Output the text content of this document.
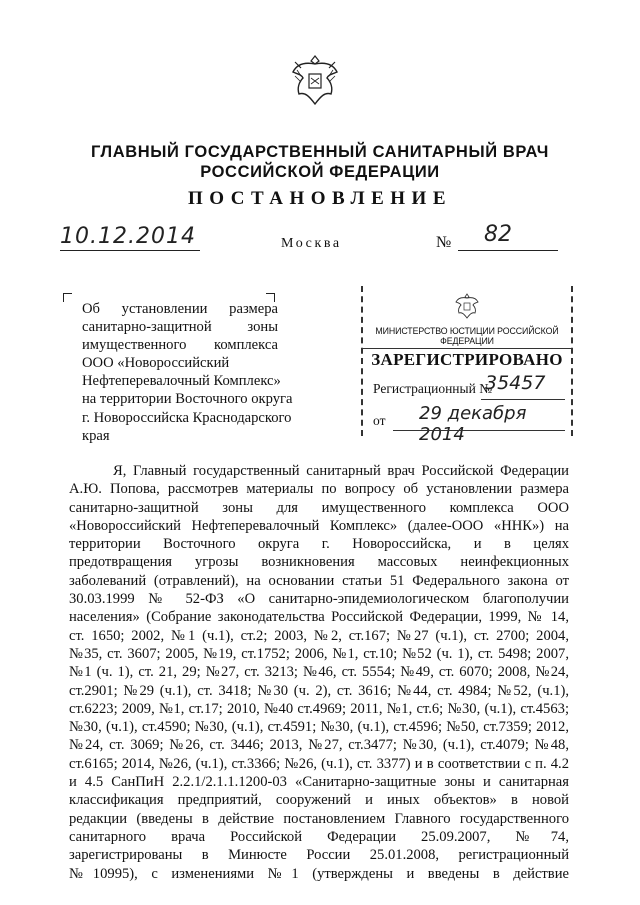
ГЛАВНЫЙ ГОСУДАРСТВЕННЫЙ САНИТАРНЫЙ ВРАЧ
РОССИЙСКОЙ ФЕДЕРАЦИИ
ПОСТАНОВЛЕНИЕ
10.12.2014	Москва	№ 82
Об установлении размера
санитарно-защитной зоны
имущественного комплекса
ООО «Новороссийский
Нефтеперевалочный Комплекс»
на территории Восточного округа
г. Новороссийска Краснодарского
края
МИНИСТЕРСТВО ЮСТИЦИИ РОССИЙСКОЙ ФЕДЕРАЦИИ
ЗАРЕГИСТРИРОВАНО
Регистрационный №
35457
от 29 декабря 2014
Я, Главный государственный санитарный врач Российской Федерации
А.Ю. Попова, рассмотрев материалы по вопросу об установлении размера
санитарно-защитной зоны для имущественного комплекса ООО
«Новороссийский Нефтеперевалочный Комплекс» (далее-ООО «ННК») на
территории Восточного округа г. Новороссийска, и в целях
предотвращения угрозы возникновения массовых неинфекционных
заболеваний (отравлений), на основании статьи 51 Федерального закона от
30.03.1999 № 52-ФЗ «О санитарно-эпидемиологическом благополучии
населения» (Собрание законодательства Российской Федерации, 1999, № 14,
ст. 1650; 2002, №1 (ч.1), ст.2; 2003, №2, ст.167; №27 (ч.1), ст. 2700; 2004,
№35, ст. 3607; 2005, №19, ст.1752; 2006, №1, ст.10; №52 (ч. 1), ст. 5498; 2007,
№1 (ч. 1), ст. 21, 29; №27, ст. 3213; №46, ст. 5554; №49, ст. 6070; 2008, №24,
ст.2901; №29 (ч.1), ст. 3418; №30 (ч. 2), ст. 3616; №44, ст. 4984; №52, (ч.1),
ст.6223; 2009, №1, ст.17; 2010, №40 ст.4969; 2011, №1, ст.6; №30, (ч.1), ст.4563;
№30, (ч.1), ст.4590; №30, (ч.1), ст.4591; №30, (ч.1), ст.4596; №50, ст.7359; 2012,
№24, ст. 3069; №26, ст. 3446; 2013, №27, ст.3477; №30, (ч.1), ст.4079; №48,
ст.6165; 2014, №26, (ч.1), ст.3366; №26, (ч.1), ст. 3377) и в соответствии с п. 4.2
и 4.5 СанПиН 2.2.1/2.1.1.1200-03 «Санитарно-защитные зоны и санитарная
классификация предприятий, сооружений и иных объектов» в новой
редакции (введены в действие постановлением Главного государственного
санитарного врача Российской Федерации 25.09.2007, №74,
зарегистрированы в Минюсте России 25.01.2008, регистрационный
№10995), с изменениями №1 (утверждены и введены в действие
